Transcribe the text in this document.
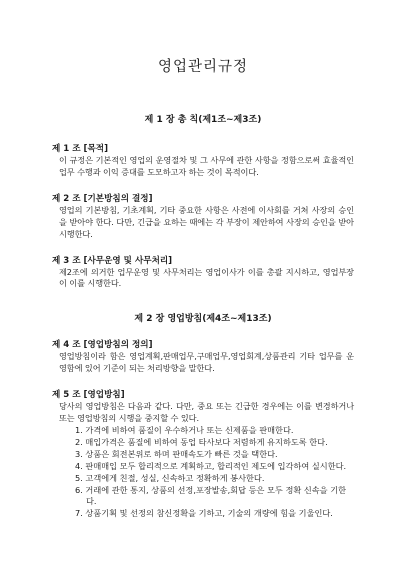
영업관리규정

제 1 장 총 칙(제1조~제3조)

제 1 조 [목적]

이 규정은 기본적인 영업의 운영절차 및 그 사무에 관한 사항을 정함으로써 효율적인 업무 수행과 이익 증대를 도모하고자 하는 것이 목적이다.

제 2 조 [기본방침의 결정]

영업의 기본방침, 기초계획, 기타 중요한 사항은 사전에 이사회를 거쳐 사장의 승인을 받아야 한다. 다만, 긴급을 요하는 때에는 각 부장이 제안하여 사장의 승인을 받아 시행한다.

제 3 조 [사무운영 및 사무처리]

제2조에 의거한 업무운영 및 사무처리는 영업이사가 이를 총괄 지시하고, 영업부장이 이를 시행한다.

제 2 장 영업방침(제4조~제13조)

제 4 조 [영업방침의 정의]

영업방침이라 함은 영업계획,판매업무,구매업무,영업회계,상품관리 기타 업무를 운영함에 있어 기준이 되는 처리방향을 말한다.

제 5 조 [영업방침]

당사의 영업방침은 다음과 같다. 다만, 중요 또는 긴급한 경우에는 이를 변경하거나 또는 영업방침의 시행을 중지할 수 있다.

1. 가격에 비하여 품질이 우수하거나 또는 신제품을 판매한다.
2. 매입가격은 품질에 비하여 동업 타사보다 저렴하게 유지하도록 한다.
3. 상품은 회전본위로 하며 판매속도가 빠른 것을 택한다.
4. 판매매입 모두 합리적으로 계획하고, 합리적인 제도에 입각하여 실시한다.
5. 고객에게 친절, 성실, 신속하고 정확하게 봉사한다.
6. 거래에 관한 통지, 상품의 선정,포장발송,회답 등은 모두 정확 신속을 기한다.
7. 상품기획 및 선정의 참신정확을 기하고, 기술의 개량에 힘을 기울인다.
